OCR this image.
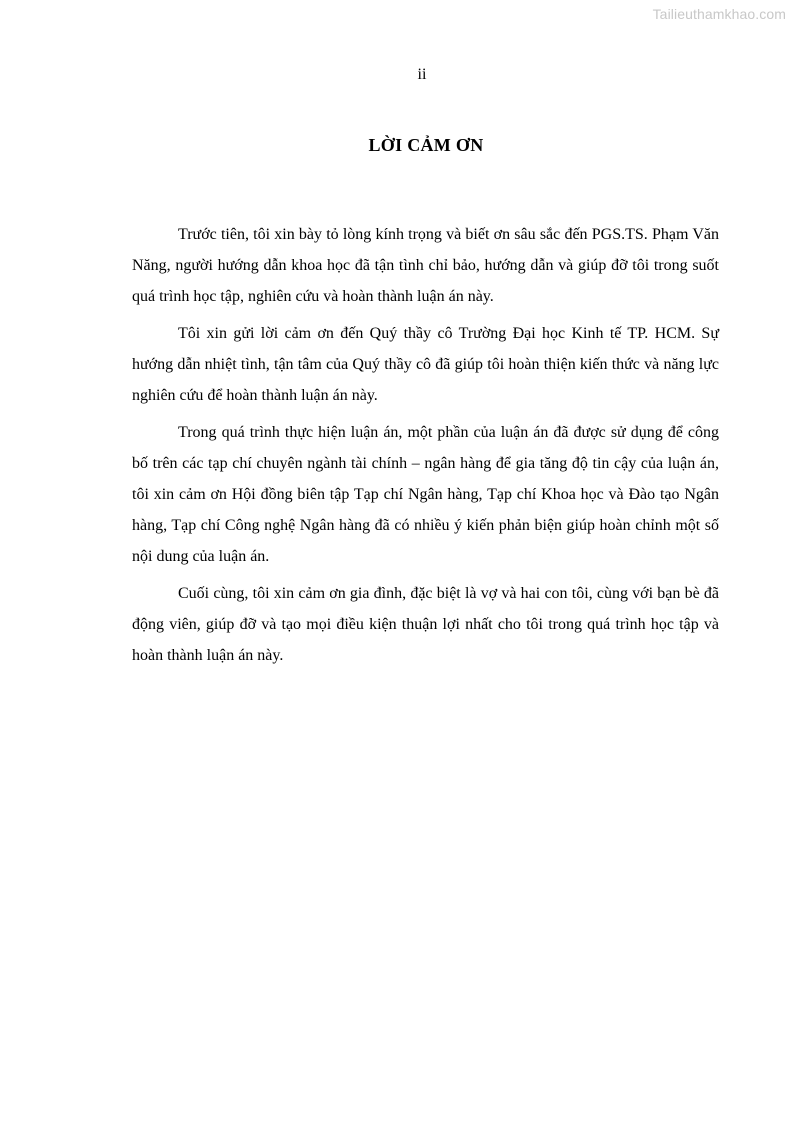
Tailieuthamkhao.com
ii
LỜI CẢM ƠN

Trước tiên, tôi xin bày tỏ lòng kính trọng và biết ơn sâu sắc đến PGS.TS. Phạm Văn Năng, người hướng dẫn khoa học đã tận tình chỉ bảo, hướng dẫn và giúp đỡ tôi trong suốt quá trình học tập, nghiên cứu và hoàn thành luận án này.

Tôi xin gửi lời cảm ơn đến Quý thầy cô Trường Đại học Kinh tế TP. HCM. Sự hướng dẫn nhiệt tình, tận tâm của Quý thầy cô đã giúp tôi hoàn thiện kiến thức và năng lực nghiên cứu để hoàn thành luận án này.

Trong quá trình thực hiện luận án, một phần của luận án đã được sử dụng để công bố trên các tạp chí chuyên ngành tài chính – ngân hàng để gia tăng độ tin cậy của luận án, tôi xin cảm ơn Hội đồng biên tập Tạp chí Ngân hàng, Tạp chí Khoa học và Đào tạo Ngân hàng, Tạp chí Công nghệ Ngân hàng đã có nhiều ý kiến phản biện giúp hoàn chỉnh một số nội dung của luận án.

Cuối cùng, tôi xin cảm ơn gia đình, đặc biệt là vợ và hai con tôi, cùng với bạn bè đã động viên, giúp đỡ và tạo mọi điều kiện thuận lợi nhất cho tôi trong quá trình học tập và hoàn thành luận án này.
